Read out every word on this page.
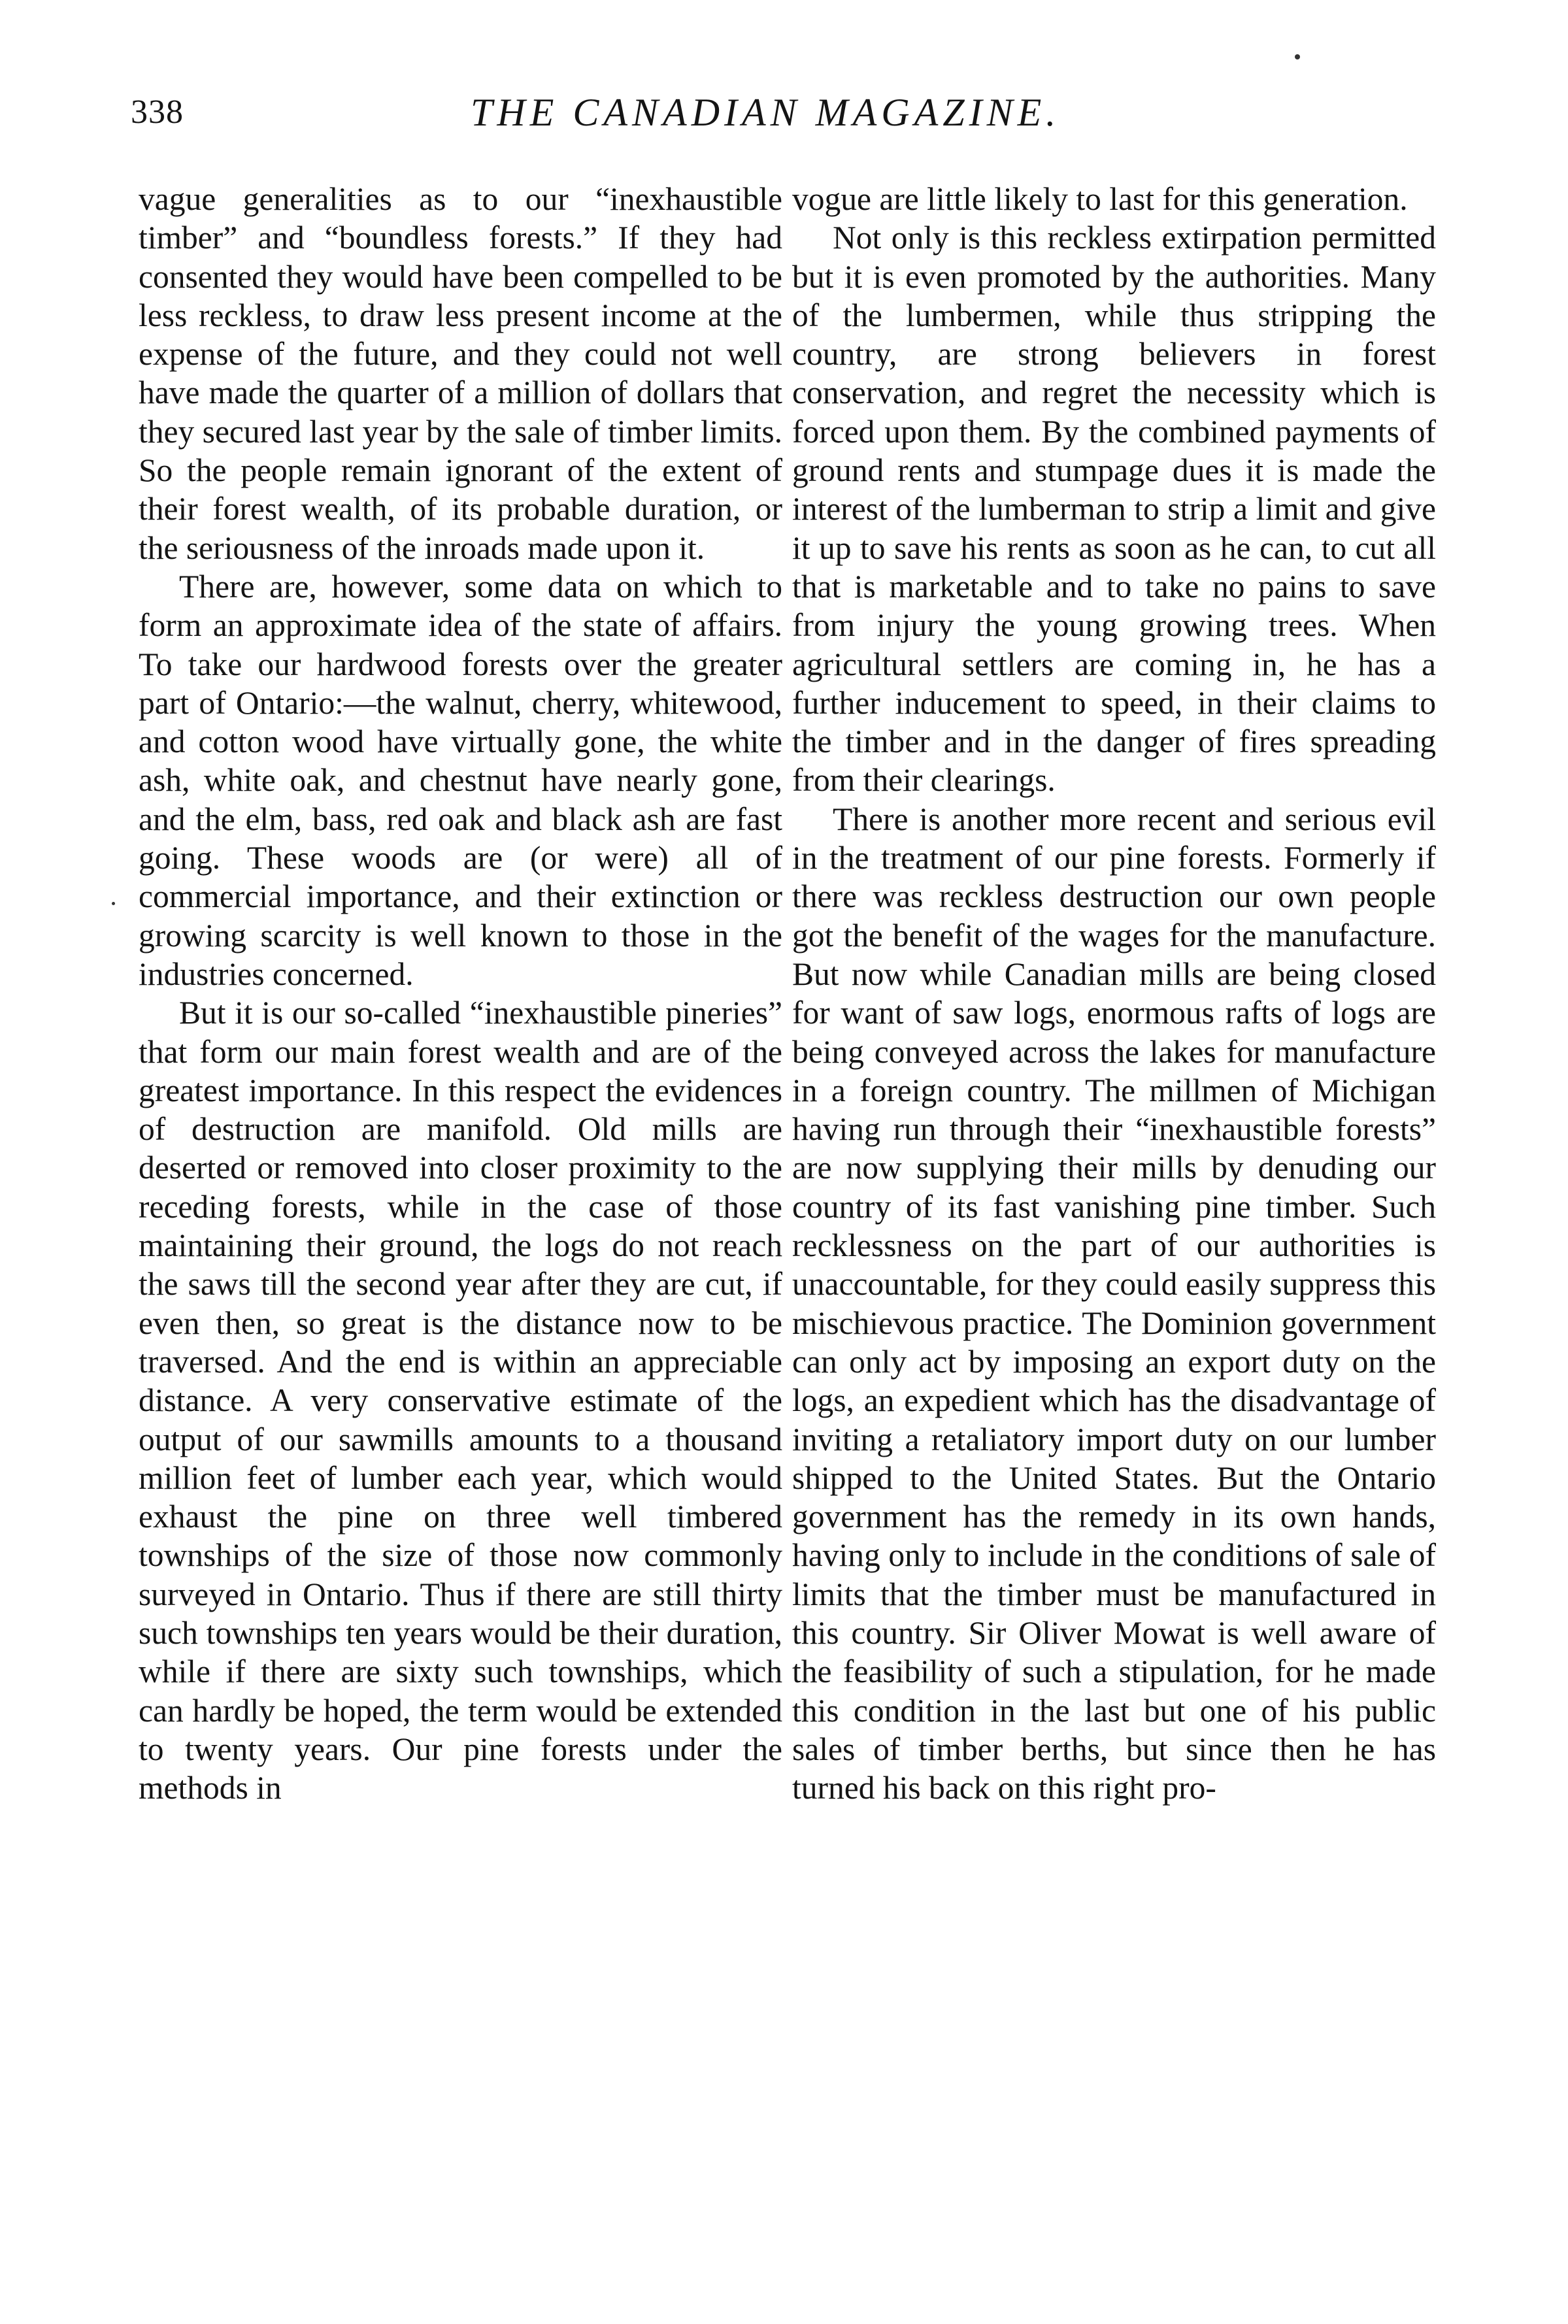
338	THE CANADIAN MAGAZINE.

vague generalities as to our “inexhaustible timber” and “boundless forests.” If they had consented they would have been compelled to be less reckless, to draw less present income at the expense of the future, and they could not well have made the quarter of a million of dollars that they secured last year by the sale of timber limits. So the people remain ignorant of the extent of their forest wealth, of its probable duration, or the seriousness of the inroads made upon it.

There are, however, some data on which to form an approximate idea of the state of affairs. To take our hardwood forests over the greater part of Ontario:—the walnut, cherry, whitewood, and cotton wood have virtually gone, the white ash, white oak, and chestnut have nearly gone, and the elm, bass, red oak and black ash are fast going. These woods are (or were) all of commercial importance, and their extinction or growing scarcity is well known to those in the industries concerned.

But it is our so-called “inexhaustible pineries” that form our main forest wealth and are of the greatest importance. In this respect the evidences of destruction are manifold. Old mills are deserted or removed into closer proximity to the receding forests, while in the case of those maintaining their ground, the logs do not reach the saws till the second year after they are cut, if even then, so great is the distance now to be traversed. And the end is within an appreciable distance. A very conservative estimate of the output of our sawmills amounts to a thousand million feet of lumber each year, which would exhaust the pine on three well timbered townships of the size of those now commonly surveyed in Ontario. Thus if there are still thirty such townships ten years would be their duration, while if there are sixty such townships, which can hardly be hoped, the term would be extended to twenty years. Our pine forests under the methods in

vogue are little likely to last for this generation.

Not only is this reckless extirpation permitted but it is even promoted by the authorities. Many of the lumbermen, while thus stripping the country, are strong believers in forest conservation, and regret the necessity which is forced upon them. By the combined payments of ground rents and stumpage dues it is made the interest of the lumberman to strip a limit and give it up to save his rents as soon as he can, to cut all that is marketable and to take no pains to save from injury the young growing trees. When agricultural settlers are coming in, he has a further inducement to speed, in their claims to the timber and in the danger of fires spreading from their clearings.

There is another more recent and serious evil in the treatment of our pine forests. Formerly if there was reckless destruction our own people got the benefit of the wages for the manufacture. But now while Canadian mills are being closed for want of saw logs, enormous rafts of logs are being conveyed across the lakes for manufacture in a foreign country. The millmen of Michigan having run through their “inexhaustible forests” are now supplying their mills by denuding our country of its fast vanishing pine timber. Such recklessness on the part of our authorities is unaccountable, for they could easily suppress this mischievous practice. The Dominion government can only act by imposing an export duty on the logs, an expedient which has the disadvantage of inviting a retaliatory import duty on our lumber shipped to the United States. But the Ontario government has the remedy in its own hands, having only to include in the conditions of sale of limits that the timber must be manufactured in this country. Sir Oliver Mowat is well aware of the feasibility of such a stipulation, for he made this condition in the last but one of his public sales of timber berths, but since then he has turned his back on this right pro-
